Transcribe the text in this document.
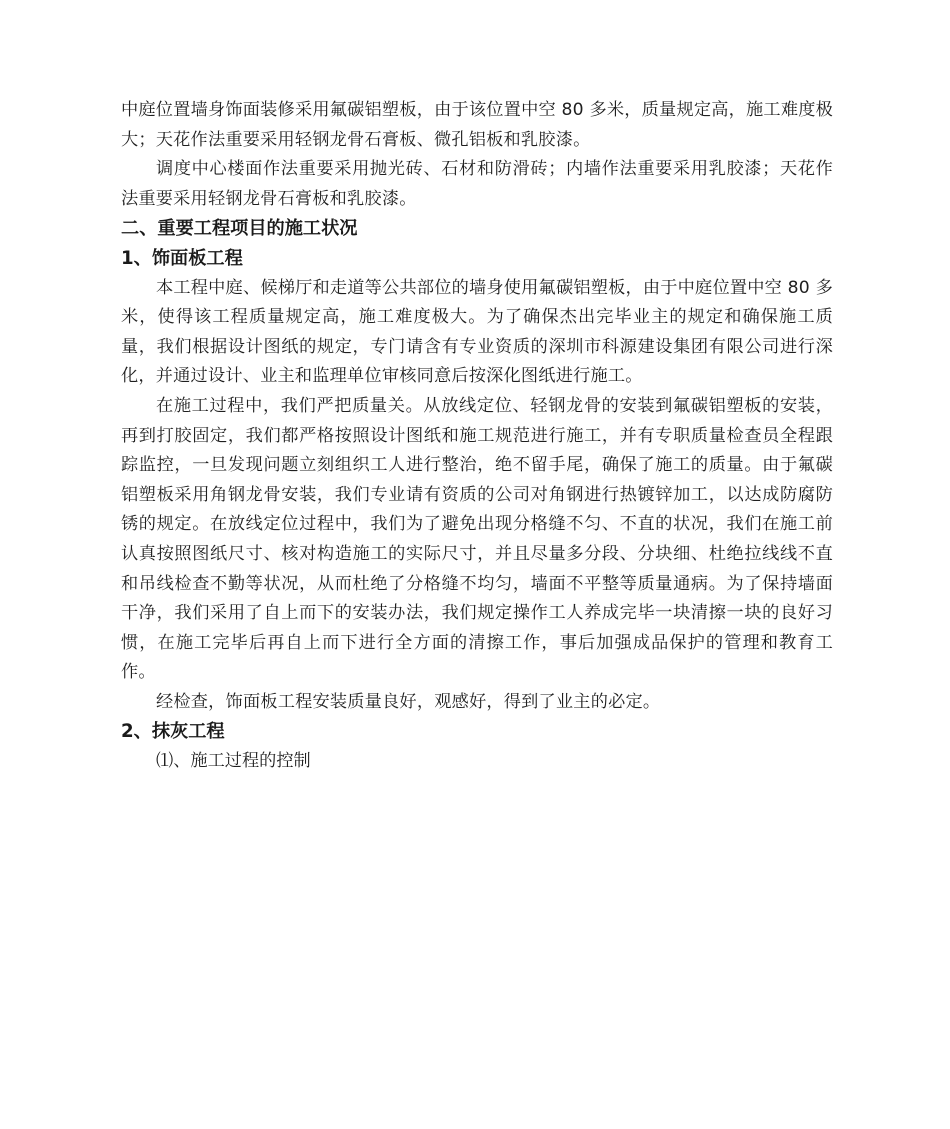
中庭位置墙身饰面装修采用氟碳铝塑板，由于该位置中空 80 多米，质量规定高，施工难度极大；天花作法重要采用轻钢龙骨石膏板、微孔铝板和乳胶漆。

调度中心楼面作法重要采用抛光砖、石材和防滑砖；内墙作法重要采用乳胶漆；天花作法重要采用轻钢龙骨石膏板和乳胶漆。

二、重要工程项目的施工状况
1、饰面板工程

本工程中庭、候梯厅和走道等公共部位的墙身使用氟碳铝塑板，由于中庭位置中空 80 多米，使得该工程质量规定高，施工难度极大。为了确保杰出完毕业主的规定和确保施工质量，我们根据设计图纸的规定，专门请含有专业资质的深圳市科源建设集团有限公司进行深化，并通过设计、业主和监理单位审核同意后按深化图纸进行施工。

在施工过程中，我们严把质量关。从放线定位、轻钢龙骨的安装到氟碳铝塑板的安装，再到打胶固定，我们都严格按照设计图纸和施工规范进行施工，并有专职质量检查员全程跟踪监控，一旦发现问题立刻组织工人进行整治，绝不留手尾，确保了施工的质量。由于氟碳铝塑板采用角钢龙骨安装，我们专业请有资质的公司对角钢进行热镀锌加工，以达成防腐防锈的规定。在放线定位过程中，我们为了避免出现分格缝不匀、不直的状况，我们在施工前认真按照图纸尺寸、核对构造施工的实际尺寸，并且尽量多分段、分块细、杜绝拉线线不直和吊线检查不勤等状况，从而杜绝了分格缝不均匀，墙面不平整等质量通病。为了保持墙面干净，我们采用了自上而下的安装办法，我们规定操作工人养成完毕一块清擦一块的良好习惯，在施工完毕后再自上而下进行全方面的清擦工作，事后加强成品保护的管理和教育工作。

经检查，饰面板工程安装质量良好，观感好，得到了业主的必定。

2、抹灰工程

⑴、施工过程的控制
